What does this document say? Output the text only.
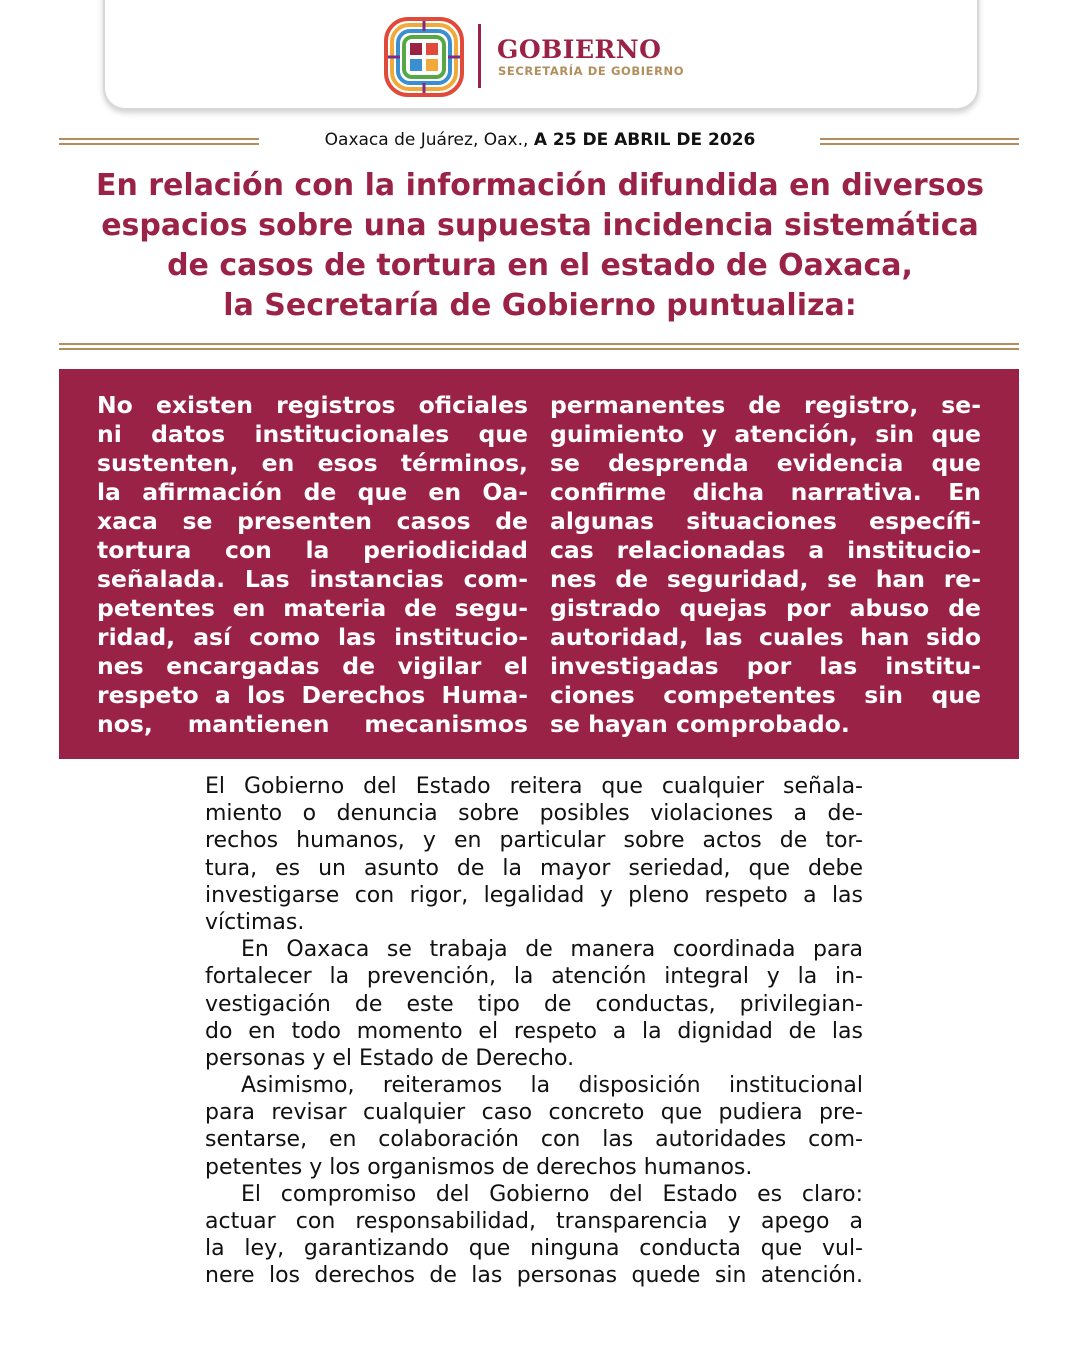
GOBIERNO
SECRETARÍA DE GOBIERNO
Oaxaca de Juárez, Oax., A 25 DE ABRIL DE 2026
En relación con la información difundida en diversos
espacios sobre una supuesta incidencia sistemática
de casos de tortura en el estado de Oaxaca,
la Secretaría de Gobierno puntualiza:
No existen registros oficiales
ni datos institucionales que
sustenten, en esos términos,
la afirmación de que en Oa-
xaca se presenten casos de
tortura con la periodicidad
señalada. Las instancias com-
petentes en materia de segu-
ridad, así como las institucio-
nes encargadas de vigilar el
respeto a los Derechos Huma-
nos, mantienen mecanismos
permanentes de registro, se-
guimiento y atención, sin que
se desprenda evidencia que
confirme dicha narrativa. En
algunas situaciones específi-
cas relacionadas a institucio-
nes de seguridad, se han re-
gistrado quejas por abuso de
autoridad, las cuales han sido
investigadas por las institu-
ciones competentes sin que
se hayan comprobado.
El Gobierno del Estado reitera que cualquier señala-
miento o denuncia sobre posibles violaciones a de-
rechos humanos, y en particular sobre actos de tor-
tura, es un asunto de la mayor seriedad, que debe
investigarse con rigor, legalidad y pleno respeto a las
víctimas.
En Oaxaca se trabaja de manera coordinada para
fortalecer la prevención, la atención integral y la in-
vestigación de este tipo de conductas, privilegian-
do en todo momento el respeto a la dignidad de las
personas y el Estado de Derecho.
Asimismo, reiteramos la disposición institucional
para revisar cualquier caso concreto que pudiera pre-
sentarse, en colaboración con las autoridades com-
petentes y los organismos de derechos humanos.
El compromiso del Gobierno del Estado es claro:
actuar con responsabilidad, transparencia y apego a
la ley, garantizando que ninguna conducta que vul-
nere los derechos de las personas quede sin atención.
